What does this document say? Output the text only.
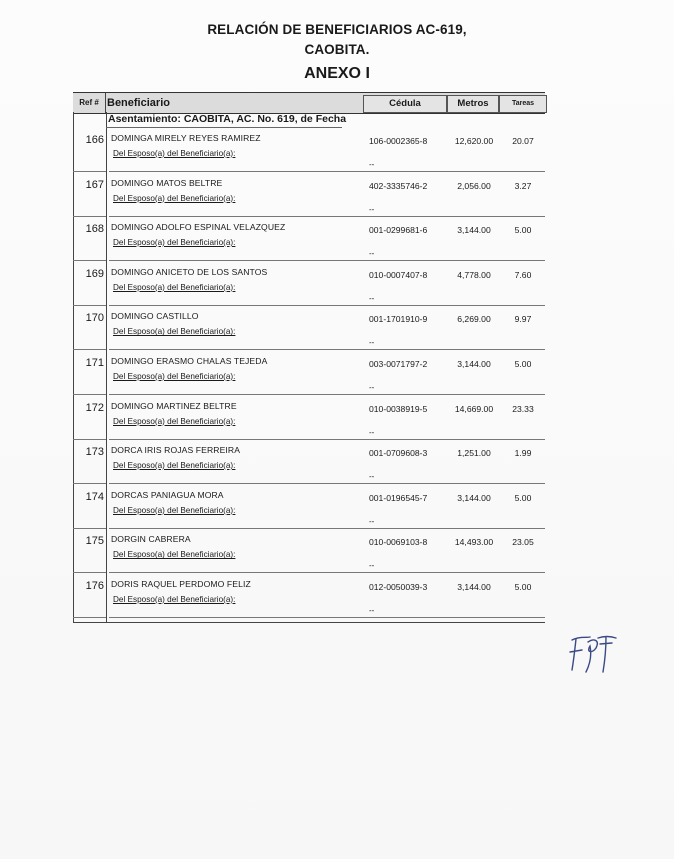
RELACIÓN DE BENEFICIARIOS AC-619,
CAOBITA.
ANEXO I
Ref # Beneficiario	Cédula	Metros	Tareas
Asentamiento: CAOBITA, AC. No. 619, de Fecha
166 DOMINGA MIRELY REYES RAMIREZ
Del Esposo(a) del Beneficiario(a):
106-0002365-8	12,620.00	20.07
--
167 DOMINGO MATOS BELTRE
Del Esposo(a) del Beneficiario(a):
402-3335746-2	2,056.00	3.27
--
168 DOMINGO ADOLFO ESPINAL VELAZQUEZ
Del Esposo(a) del Beneficiario(a):
001-0299681-6	3,144.00	5.00
--
169 DOMINGO ANICETO DE LOS SANTOS
Del Esposo(a) del Beneficiario(a):
010-0007407-8	4,778.00	7.60
--
170 DOMINGO CASTILLO
Del Esposo(a) del Beneficiario(a):
001-1701910-9	6,269.00	9.97
--
171 DOMINGO ERASMO CHALAS TEJEDA
Del Esposo(a) del Beneficiario(a):
003-0071797-2	3,144.00	5.00
--
172 DOMINGO MARTINEZ BELTRE
Del Esposo(a) del Beneficiario(a):
010-0038919-5	14,669.00	23.33
--
173 DORCA IRIS ROJAS FERREIRA
Del Esposo(a) del Beneficiario(a):
001-0709608-3	1,251.00	1.99
--
174 DORCAS PANIAGUA MORA
Del Esposo(a) del Beneficiario(a):
001-0196545-7	3,144.00	5.00
--
175 DORGIN CABRERA
Del Esposo(a) del Beneficiario(a):
010-0069103-8	14,493.00	23.05
--
176 DORIS RAQUEL PERDOMO FELIZ
Del Esposo(a) del Beneficiario(a):
012-0050039-3	3,144.00	5.00
--
